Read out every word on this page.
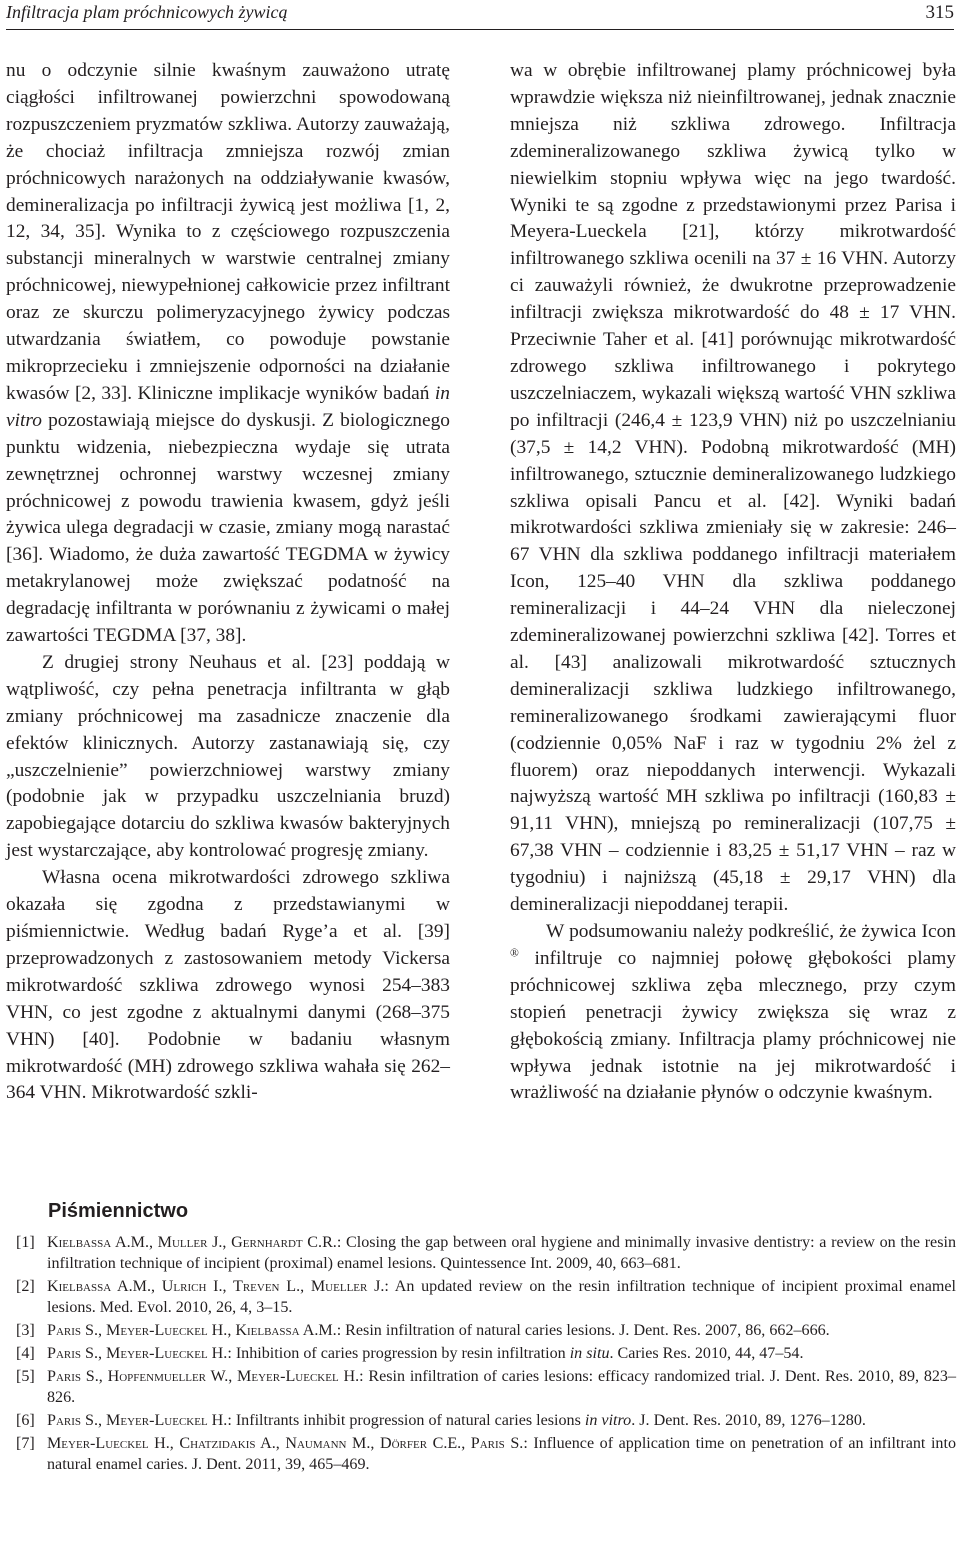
Infiltracja plam próchnicowych żywicą	315

nu o odczynie silnie kwaśnym zauważono utratę ciągłości infiltrowanej powierzchni spowodowaną rozpuszczeniem pryzmatów szkliwa. Autorzy zauważają, że chociaż infiltracja zmniejsza rozwój zmian próchnicowych narażonych na oddziaływanie kwasów, demineralizacja po infiltracji żywicą jest możliwa [1, 2, 12, 34, 35]. Wynika to z częściowego rozpuszczenia substancji mineralnych w warstwie centralnej zmiany próchnicowej, niewypełnionej całkowicie przez infiltrant oraz ze skurczu polimeryzacyjnego żywicy podczas utwardzania światłem, co powoduje powstanie mikroprzecieku i zmniejszenie odporności na działanie kwasów [2, 33]. Kliniczne implikacje wyników badań in vitro pozostawiają miejsce do dyskusji. Z biologicznego punktu widzenia, niebezpieczna wydaje się utrata zewnętrznej ochronnej warstwy wczesnej zmiany próchnicowej z powodu trawienia kwasem, gdyż jeśli żywica ulega degradacji w czasie, zmiany mogą narastać [36]. Wiadomo, że duża zawartość TEGDMA w żywicy metakrylanowej może zwiększać podatność na degradację infiltranta w porównaniu z żywicami o małej zawartości TEGDMA [37, 38].

Z drugiej strony Neuhaus et al. [23] poddają w wątpliwość, czy pełna penetracja infiltranta w głąb zmiany próchnicowej ma zasadnicze znaczenie dla efektów klinicznych. Autorzy zastanawiają się, czy „uszczelnienie” powierzchniowej warstwy zmiany (podobnie jak w przypadku uszczelniania bruzd) zapobiegające dotarciu do szkliwa kwasów bakteryjnych jest wystarczające, aby kontrolować progresję zmiany.

Własna ocena mikrotwardości zdrowego szkliwa okazała się zgodna z przedstawianymi w piśmiennictwie. Według badań Ryge’a et al. [39] przeprowadzonych z zastosowaniem metody Vickersa mikrotwardość szkliwa zdrowego wynosi 254–383 VHN, co jest zgodne z aktualnymi danymi (268–375 VHN) [40]. Podobnie w badaniu własnym mikrotwardość (MH) zdrowego szkliwa wahała się 262–364 VHN. Mikrotwardość szkli-

wa w obrębie infiltrowanej plamy próchnicowej była wprawdzie większa niż nieinfiltrowanej, jednak znacznie mniejsza niż szkliwa zdrowego. Infiltracja zdemineralizowanego szkliwa żywicą tylko w niewielkim stopniu wpływa więc na jego twardość. Wyniki te są zgodne z przedstawionymi przez Parisa i Meyera-Lueckela [21], którzy mikrotwardość infiltrowanego szkliwa ocenili na 37 ± 16 VHN. Autorzy ci zauważyli również, że dwukrotne przeprowadzenie infiltracji zwiększa mikrotwardość do 48 ± 17 VHN. Przeciwnie Taher et al. [41] porównując mikrotwardość zdrowego szkliwa infiltrowanego i pokrytego uszczelniaczem, wykazali większą wartość VHN szkliwa po infiltracji (246,4 ± 123,9 VHN) niż po uszczelnianiu (37,5 ± 14,2 VHN). Podobną mikrotwardość (MH) infiltrowanego, sztucznie demineralizowanego ludzkiego szkliwa opisali Pancu et al. [42]. Wyniki badań mikrotwardości szkliwa zmieniały się w zakresie: 246–67 VHN dla szkliwa poddanego infiltracji materiałem Icon, 125–40 VHN dla szkliwa poddanego remineralizacji i 44–24 VHN dla nieleczonej zdemineralizowanej powierzchni szkliwa [42]. Torres et al. [43] analizowali mikrotwardość sztucznych demineralizacji szkliwa ludzkiego infiltrowanego, remineralizowanego środkami zawierającymi fluor (codziennie 0,05% NaF i raz w tygodniu 2% żel z fluorem) oraz niepoddanych interwencji. Wykazali najwyższą wartość MH szkliwa po infiltracji (160,83 ± 91,11 VHN), mniejszą po remineralizacji (107,75 ± 67,38 VHN – codziennie i 83,25 ± 51,17 VHN – raz w tygodniu) i najniższą (45,18 ± 29,17 VHN) dla demineralizacji niepoddanej terapii.

W podsumowaniu należy podkreślić, że żywica Icon ® infiltruje co najmniej połowę głębokości plamy próchnicowej szkliwa zęba mlecznego, przy czym stopień penetracji żywicy zwiększa się wraz z głębokością zmiany. Infiltracja plamy próchnicowej nie wpływa jednak istotnie na jej mikrotwardość i wrażliwość na działanie płynów o odczynie kwaśnym.

Piśmiennictwo
[1] Kielbassa A.M., Muller J., Gernhardt C.R.: Closing the gap between oral hygiene and minimally invasive dentistry: a review on the resin infiltration technique of incipient (proximal) enamel lesions. Quintessence Int. 2009, 40, 663–681.
[2] Kielbassa A.M., Ulrich I., Treven L., Mueller J.: An updated review on the resin infiltration technique of incipient proximal enamel lesions. Med. Evol. 2010, 26, 4, 3–15.
[3] Paris S., Meyer-Lueckel H., Kielbassa A.M.: Resin infiltration of natural caries lesions. J. Dent. Res. 2007, 86, 662–666.
[4] Paris S., Meyer-Lueckel H.: Inhibition of caries progression by resin infiltration in situ. Caries Res. 2010, 44, 47–54.
[5] Paris S., Hopfenmueller W., Meyer-Lueckel H.: Resin infiltration of caries lesions: efficacy randomized trial. J. Dent. Res. 2010, 89, 823–826.
[6] Paris S., Meyer-Lueckel H.: Infiltrants inhibit progression of natural caries lesions in vitro. J. Dent. Res. 2010, 89, 1276–1280.
[7] Meyer-Lueckel H., Chatzidakis A., Naumann M., Dörfer C.E., Paris S.: Influence of application time on penetration of an infiltrant into natural enamel caries. J. Dent. 2011, 39, 465–469.
